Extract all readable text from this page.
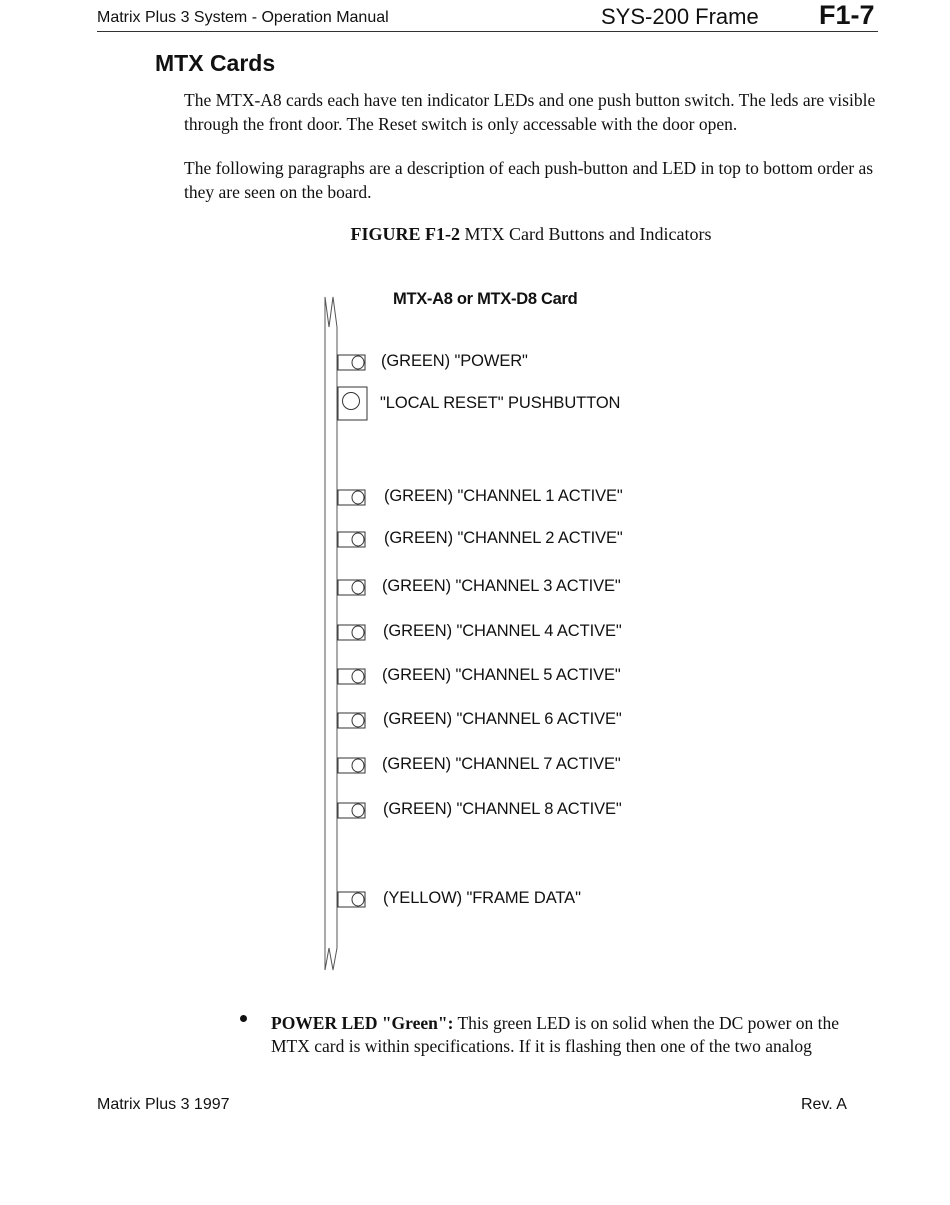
Matrix Plus 3 System - Operation Manual	SYS-200 Frame F1-7
MTX Cards
The MTX-A8 cards each have ten indicator LEDs and one push button switch. The leds are visible through the front door. The Reset switch is only accessable with the door open.
The following paragraphs are a description of each push-button and LED in top to bottom order as they are seen on the board.
FIGURE F1-2 MTX Card Buttons and Indicators
MTX-A8 or MTX-D8 Card
(GREEN) "POWER"
"LOCAL RESET" PUSHBUTTON
(GREEN) "CHANNEL 1 ACTIVE"
(GREEN) "CHANNEL 2 ACTIVE"
(GREEN) "CHANNEL 3 ACTIVE"
(GREEN) "CHANNEL 4 ACTIVE"
(GREEN) "CHANNEL 5 ACTIVE"
(GREEN) "CHANNEL 6 ACTIVE"
(GREEN) "CHANNEL 7 ACTIVE"
(GREEN) "CHANNEL 8 ACTIVE"
(YELLOW) "FRAME DATA"
POWER LED "Green": This green LED is on solid when the DC power on the MTX card is within specifications. If it is flashing then one of the two analog
Matrix Plus 3 1997	Rev. A
